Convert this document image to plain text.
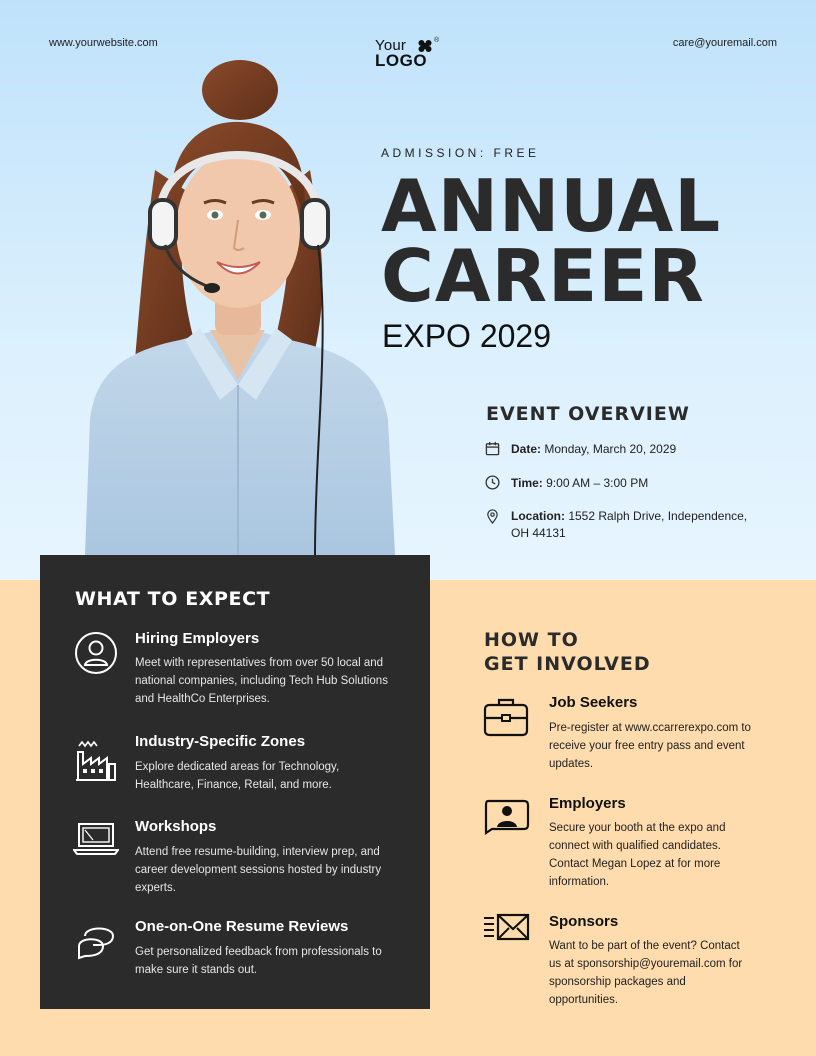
www.yourwebsite.com	care@youremail.com
Your	®
LOGO
ADMISSION: FREE
ANNUAL
CAREER
EXPO 2029
EVENT OVERVIEW
Date: Monday, March 20, 2029
Time: 9:00 AM – 3:00 PM
Location: 1552 Ralph Drive, Independence, OH 44131
WHAT TO EXPECT
Hiring Employers
Meet with representatives from over 50 local and national companies, including Tech Hub Solutions and HealthCo Enterprises.
Industry-Specific Zones
Explore dedicated areas for Technology, Healthcare, Finance, Retail, and more.
Workshops
Attend free resume-building, interview prep, and career development sessions hosted by industry experts.
One-on-One Resume Reviews
Get personalized feedback from professionals to make sure it stands out.
HOW TO
GET INVOLVED
Job Seekers
Pre-register at www.ccarrerexpo.com to receive your free entry pass and event updates.
Employers
Secure your booth at the expo and connect with qualified candidates. Contact Megan Lopez at for more information.
Sponsors
Want to be part of the event? Contact us at sponsorship@youremail.com for sponsorship packages and opportunities.
